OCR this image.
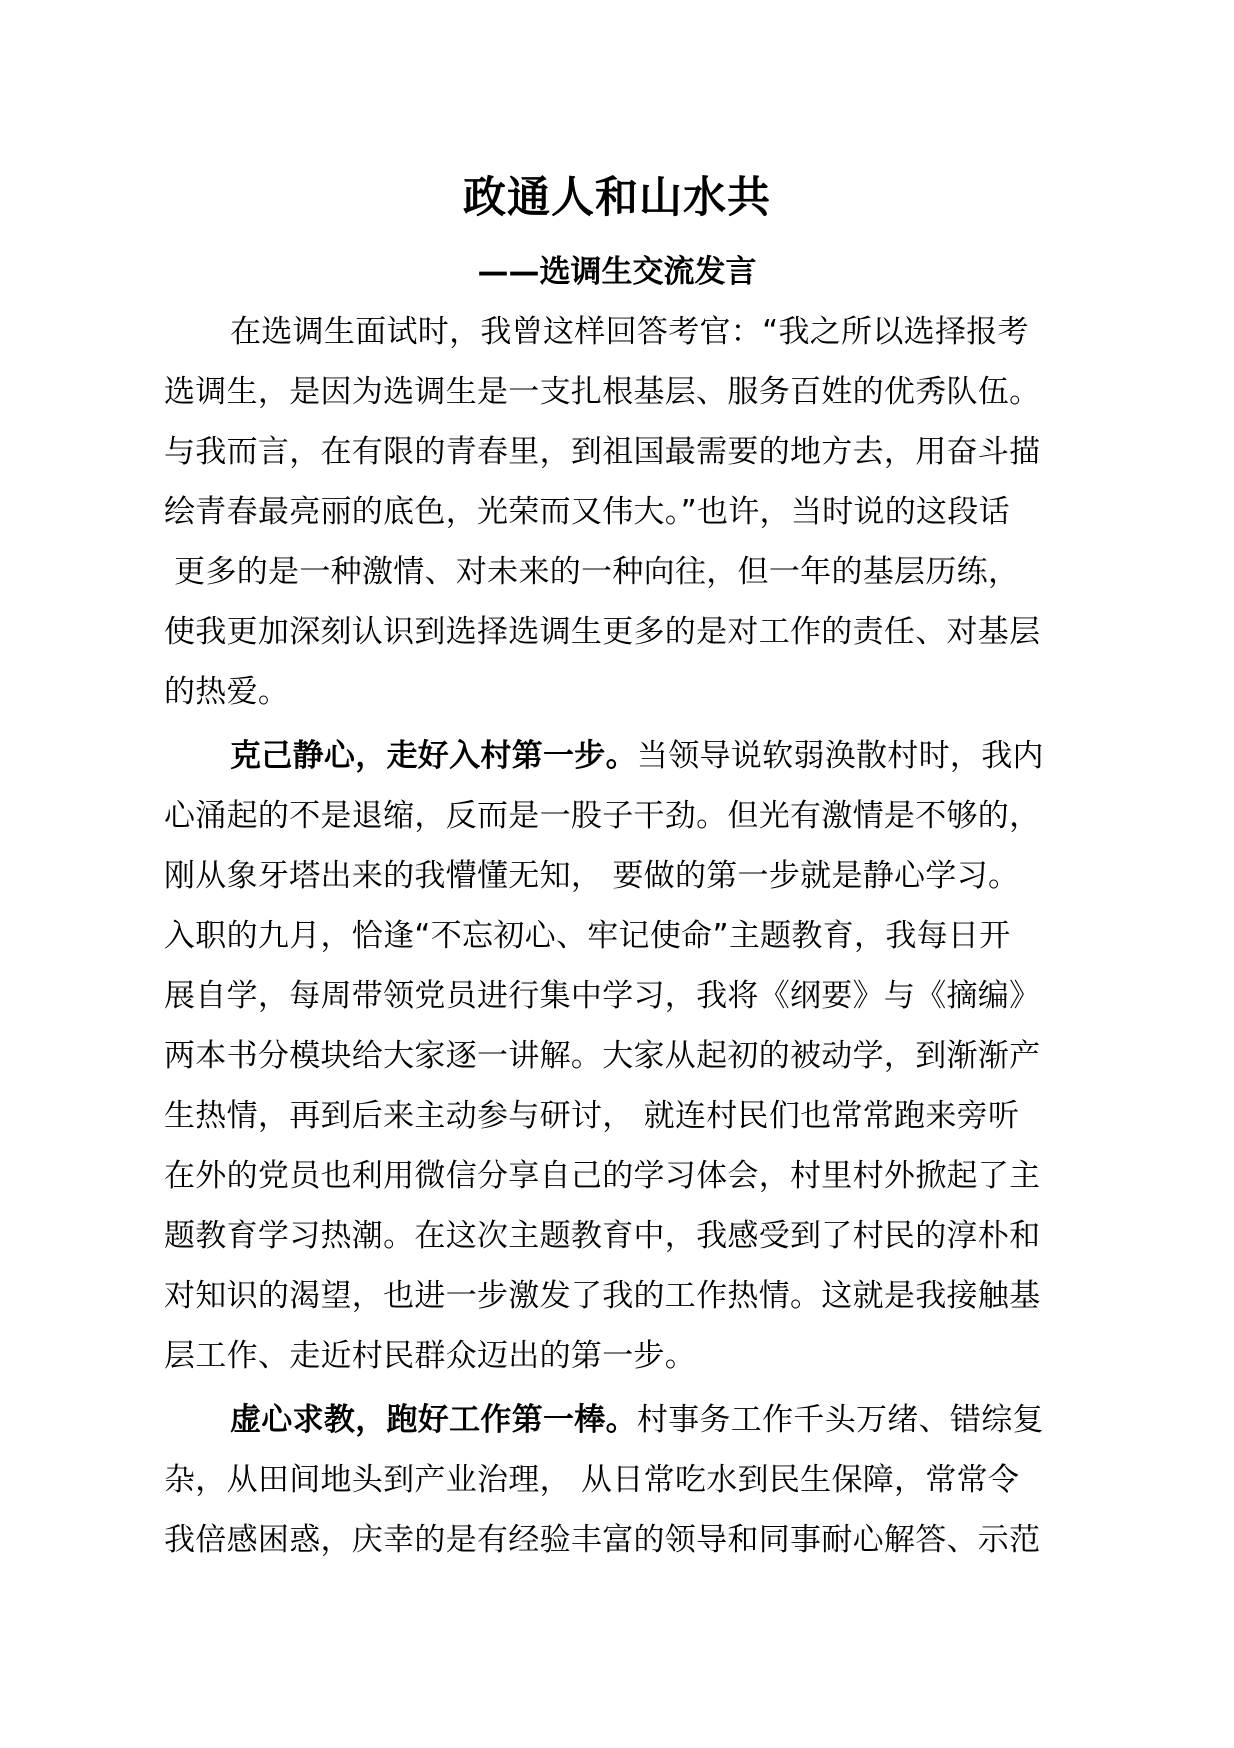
政通人和山水共
——选调生交流发言

在选调生面试时，我曾这样回答考官：“我之所以选择报考
选调生，是因为选调生是一支扎根基层、服务百姓的优秀队伍。
与我而言，在有限的青春里，到祖国最需要的地方去，用奋斗描
绘青春最亮丽的底色，光荣而又伟大。”也许，当时说的这段话
更多的是一种激情、对未来的一种向往，但一年的基层历练，
使我更加深刻认识到选择选调生更多的是对工作的责任、对基层
的热爱。

克己静心，走好入村第一步。当领导说软弱涣散村时，我内
心涌起的不是退缩，反而是一股子干劲。但光有激情是不够的，
刚从象牙塔出来的我懵懂无知， 要做的第一步就是静心学习。
入职的九月，恰逢“不忘初心、牢记使命”主题教育，我每日开
展自学，每周带领党员进行集中学习，我将《纲要》与《摘编》
两本书分模块给大家逐一讲解。大家从起初的被动学，到渐渐产
生热情，再到后来主动参与研讨， 就连村民们也常常跑来旁听
在外的党员也利用微信分享自己的学习体会，村里村外掀起了主
题教育学习热潮。在这次主题教育中，我感受到了村民的淳朴和
对知识的渴望，也进一步激发了我的工作热情。这就是我接触基
层工作、走近村民群众迈出的第一步。

虚心求教，跑好工作第一棒。村事务工作千头万绪、错综复
杂，从田间地头到产业治理， 从日常吃水到民生保障，常常令
我倍感困惑，庆幸的是有经验丰富的领导和同事耐心解答、示范
